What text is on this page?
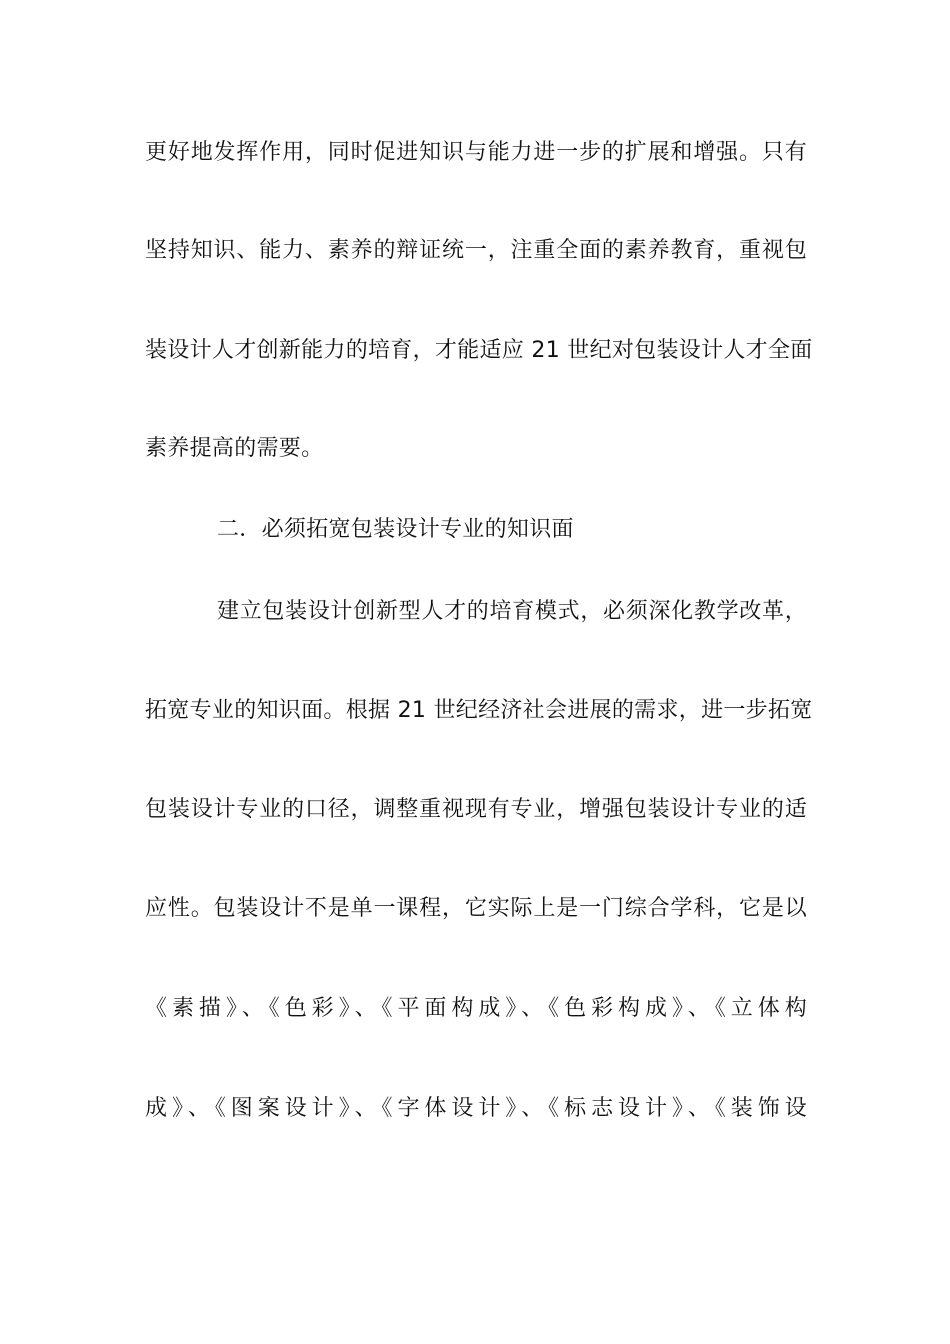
更好地发挥作用，同时促进知识与能力进一步的扩展和增强。只有
坚持知识、能力、素养的辩证统一，注重全面的素养教育，重视包
装设计人才创新能力的培育，才能适应 21 世纪对包装设计人才全面
素养提高的需要。
二．必须拓宽包装设计专业的知识面
建立包装设计创新型人才的培育模式，必须深化教学改革，
拓宽专业的知识面。根据 21 世纪经济社会进展的需求，进一步拓宽
包装设计专业的口径，调整重视现有专业，增强包装设计专业的适
应性。包装设计不是单一课程，它实际上是一门综合学科，它是以
《素描》、《色彩》、《平面构成》、《色彩构成》、《立体构
成》、《图案设计》、《字体设计》、《标志设计》、《装饰设
